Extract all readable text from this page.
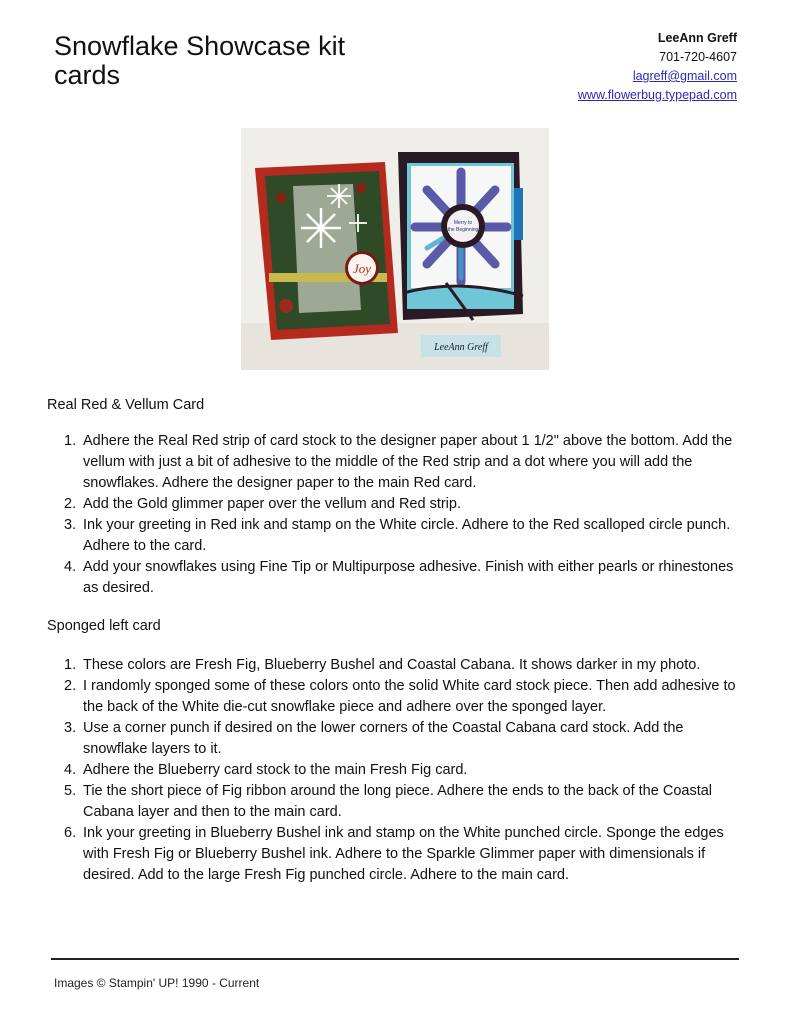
Snowflake Showcase kit cards
LeeAnn Greff
701-720-4607
lagreff@gmail.com
www.flowerbug.typepad.com
Joy
Merry to
the Beginning
LeeAnn Greff
Real Red & Vellum Card
1. Adhere the Real Red strip of card stock to the designer paper about 1 1/2" above the bottom. Add the vellum with just a bit of adhesive to the middle of the Red strip and a dot where you will add the snowflakes. Adhere the designer paper to the main Red card.
2. Add the Gold glimmer paper over the vellum and Red strip.
3. Ink your greeting in Red ink and stamp on the White circle. Adhere to the Red scalloped circle punch. Adhere to the card.
4. Add your snowflakes using Fine Tip or Multipurpose adhesive. Finish with either pearls or rhinestones as desired.
Sponged left card
1. These colors are Fresh Fig, Blueberry Bushel and Coastal Cabana. It shows darker in my photo.
2. I randomly sponged some of these colors onto the solid White card stock piece. Then add adhesive to the back of the White die-cut snowflake piece and adhere over the sponged layer.
3. Use a corner punch if desired on the lower corners of the Coastal Cabana card stock. Add the snowflake layers to it.
4. Adhere the Blueberry card stock to the main Fresh Fig card.
5. Tie the short piece of Fig ribbon around the long piece. Adhere the ends to the back of the Coastal Cabana layer and then to the main card.
6. Ink your greeting in Blueberry Bushel ink and stamp on the White punched circle. Sponge the edges with Fresh Fig or Blueberry Bushel ink. Adhere to the Sparkle Glimmer paper with dimensionals if desired. Add to the large Fresh Fig punched circle. Adhere to the main card.
Images © Stampin' UP! 1990 - Current
